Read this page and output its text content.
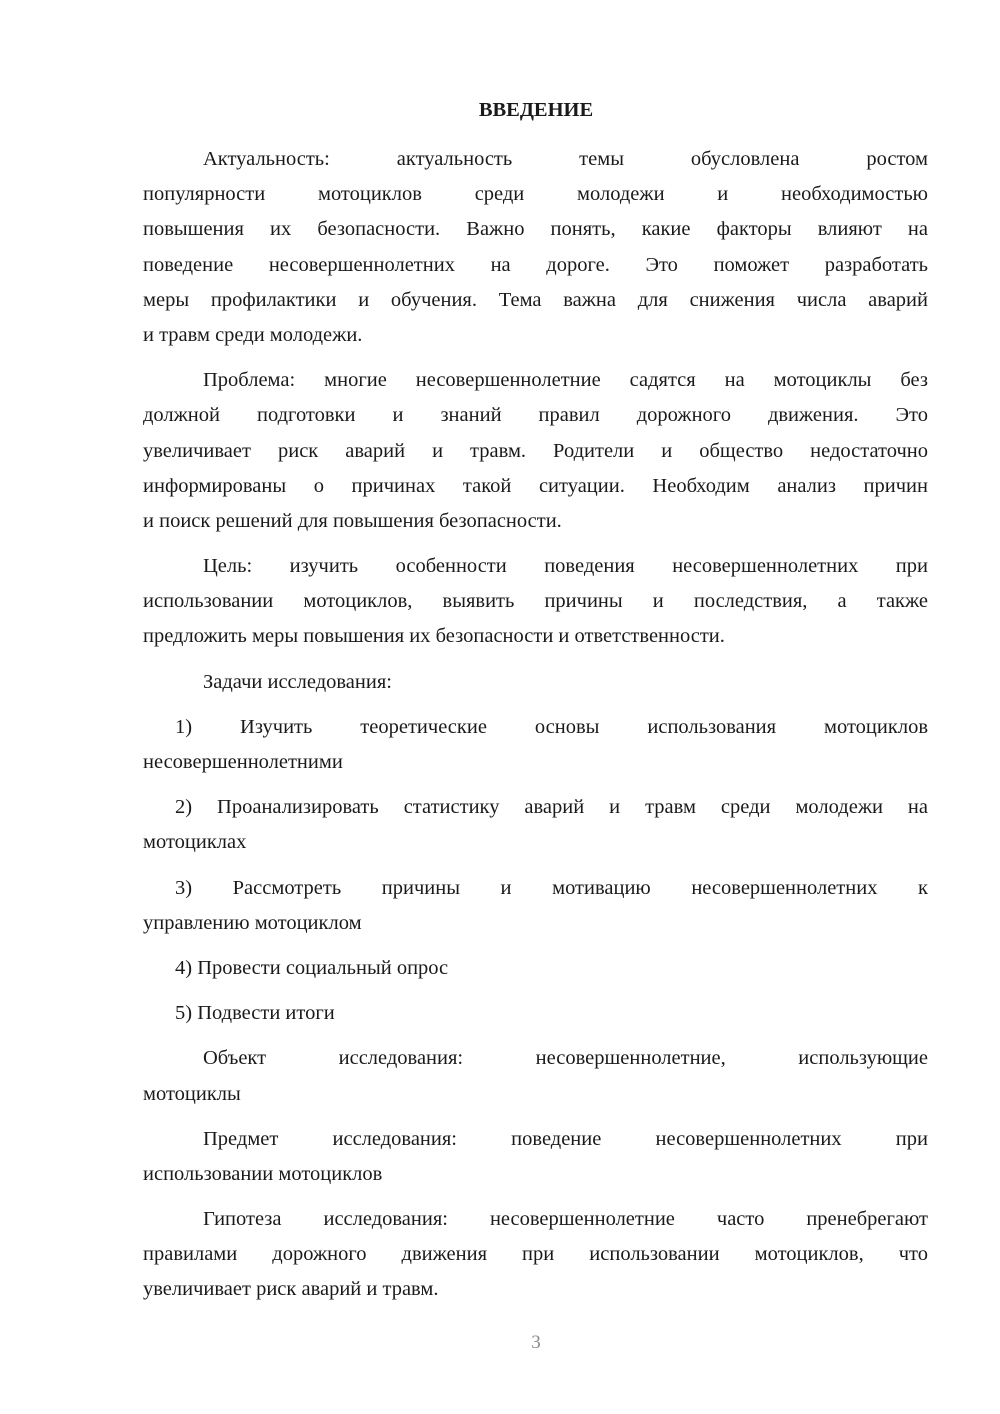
ВВЕДЕНИЕ
Актуальность: актуальность темы обусловлена ростом
популярности мотоциклов среди молодежи и необходимостью
повышения их безопасности. Важно понять, какие факторы влияют на
поведение несовершеннолетних на дороге. Это поможет разработать
меры профилактики и обучения. Тема важна для снижения числа аварий
и травм среди молодежи.
Проблема: многие несовершеннолетние садятся на мотоциклы без
должной подготовки и знаний правил дорожного движения. Это
увеличивает риск аварий и травм. Родители и общество недостаточно
информированы о причинах такой ситуации. Необходим анализ причин
и поиск решений для повышения безопасности.
Цель: изучить особенности поведения несовершеннолетних при
использовании мотоциклов, выявить причины и последствия, а также
предложить меры повышения их безопасности и ответственности.
Задачи исследования:
1) Изучить теоретические основы использования мотоциклов
несовершеннолетними
2) Проанализировать статистику аварий и травм среди молодежи на
мотоциклах
3) Рассмотреть причины и мотивацию несовершеннолетних к
управлению мотоциклом
4) Провести социальный опрос
5) Подвести итоги
Объект исследования: несовершеннолетние, использующие
мотоциклы
Предмет исследования: поведение несовершеннолетних при
использовании мотоциклов
Гипотеза исследования: несовершеннолетние часто пренебрегают
правилами дорожного движения при использовании мотоциклов, что
увеличивает риск аварий и травм.
3
